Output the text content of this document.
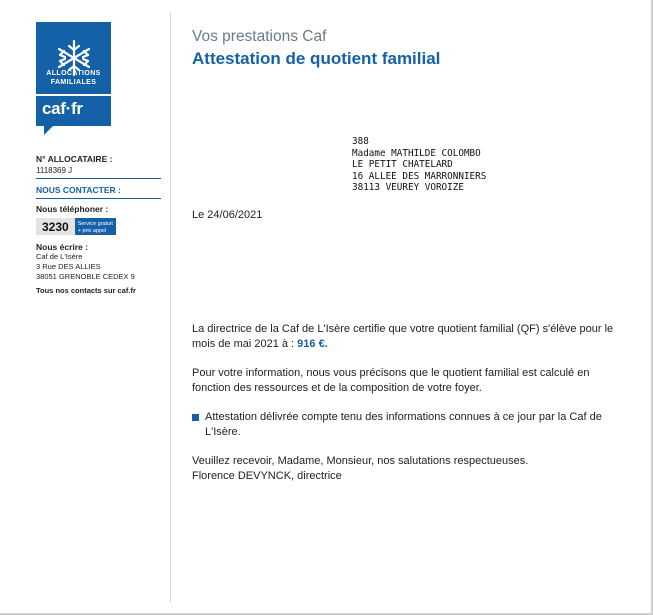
ALLOCATIONS
FAMILIALES
caf·fr
N° ALLOCATAIRE :
1118369 J
NOUS CONTACTER :
Nous téléphoner :
3230	Service gratuit
+ prix appel
Nous écrire :
Caf de L'Isère
3 Rue DES ALLIES
38051 GRENOBLE CEDEX 9
Tous nos contacts sur caf.fr
Vos prestations Caf
Attestation de quotient familial
388
Madame MATHILDE COLOMBO
LE PETIT CHATELARD
16 ALLEE DES MARRONNIERS
38113 VEUREY VOROIZE
Le 24/06/2021

La directrice de la Caf de L'Isère certifie que votre quotient familial (QF) s'élève pour le mois de mai 2021 à : 916 €.

Pour votre information, nous vous précisons que le quotient familial est calculé en fonction des ressources et de la composition de votre foyer.

Attestation délivrée compte tenu des informations connues à ce jour par la Caf de L'Isère.

Veuillez recevoir, Madame, Monsieur, nos salutations respectueuses.

Florence DEVYNCK, directrice
